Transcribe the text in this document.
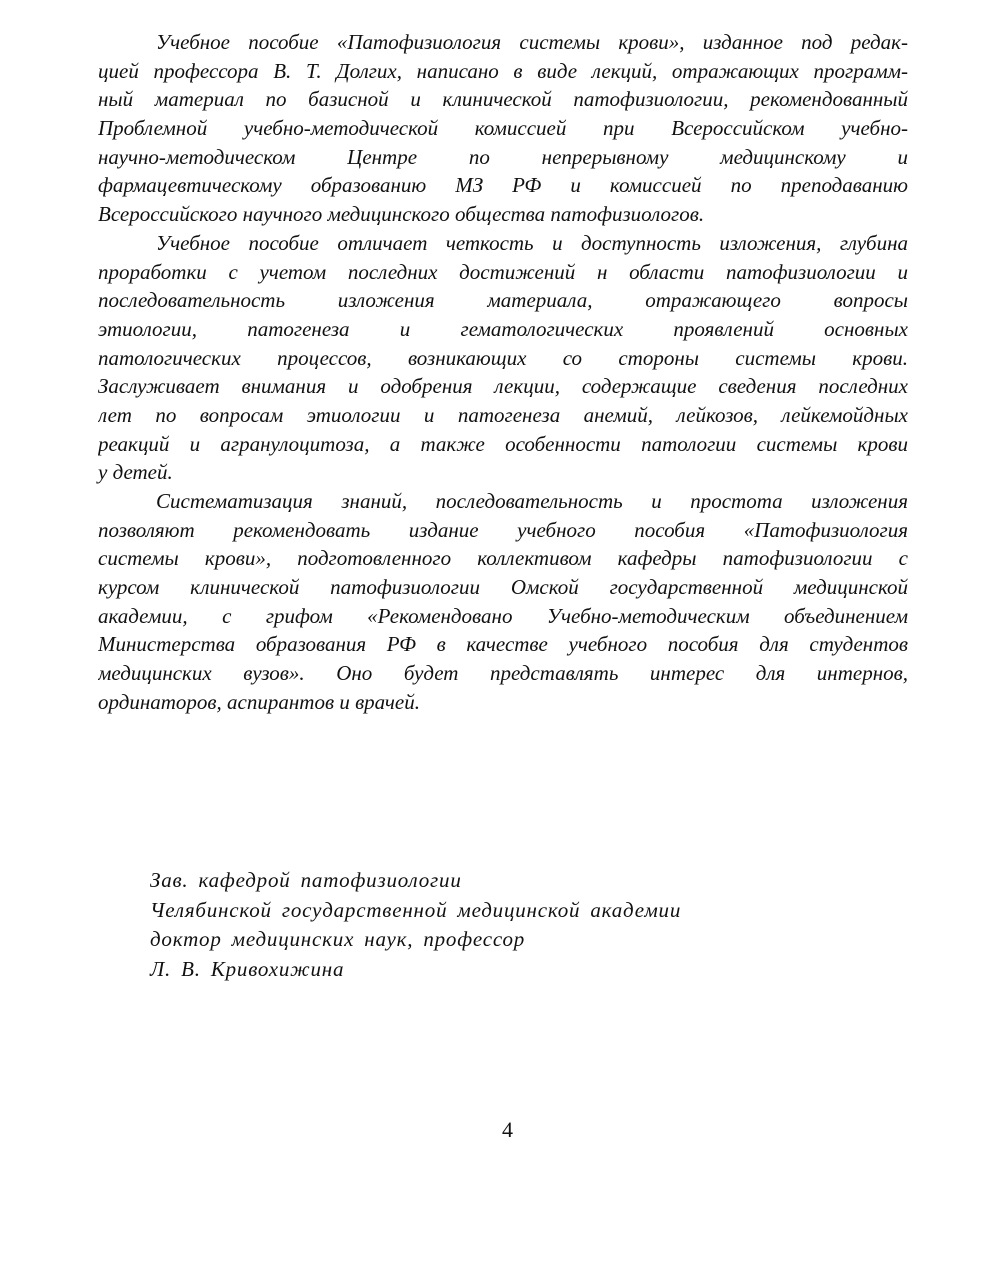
Учебное пособие «Патофизиология системы крови», изданное под редак-
цией профессора В. Т. Долгих, написано в виде лекций, отражающих программ-
ный материал по базисной и клинической патофизиологии, рекомендованный
Проблемной учебно-методической комиссией при Всероссийском учебно-
научно-методическом Центре по непрерывному медицинскому и
фармацевтическому образованию МЗ РФ и комиссией по преподаванию
Всероссийского научного медицинского общества патофизиологов.
Учебное пособие отличает четкость и доступность изложения, глубина
проработки с учетом последних достижений н области патофизиологии и
последовательность изложения материала, отражающего вопросы
этиологии, патогенеза и гематологических проявлений основных
патологических процессов, возникающих со стороны системы крови.
Заслуживает внимания и одобрения лекции, содержащие сведения последних
лет по вопросам этиологии и патогенеза анемий, лейкозов, лейкемойдных
реакций и агранулоцитоза, а также особенности патологии системы крови
у детей.
Систематизация знаний, последовательность и простота изложения
позволяют рекомендовать издание учебного пособия «Патофизиология
системы крови», подготовленного коллективом кафедры патофизиологии с
курсом клинической патофизиологии Омской государственной медицинской
академии, с грифом «Рекомендовано Учебно-методическим объединением
Министерства образования РФ в качестве учебного пособия для студентов
медицинских вузов». Оно будет представлять интерес для интернов,
ординаторов, аспирантов и врачей.
Зав. кафедрой патофизиологии
Челябинской государственной медицинской академии
доктор медицинских наук, профессор
Л. В. Кривохижина
4
